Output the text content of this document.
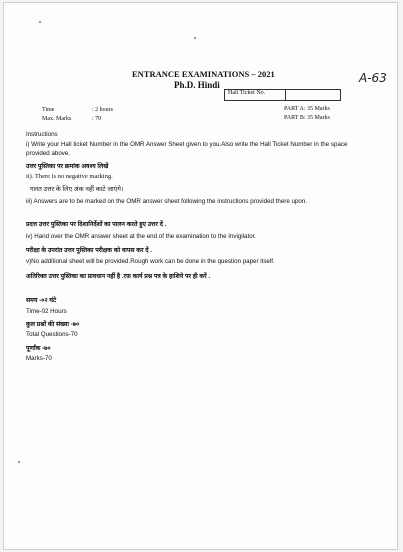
ENTRANCE EXAMINATIONS – 2021
Ph.D. Hindi	A-63
Hall Ticket No.
Time	: 2 hours
Max. Marks	: 70
PART A: 35 Marks
PART B: 35 Marks
Instructions
i) Write your Hall ticket Number in the OMR Answer Sheet given to you.Also write the Hall Ticket Number in the space provided above.
उत्तर पुस्तिका पर क्रमांक अवश्य लिखें
ii). There is no negative marking.
गलत उत्तर के लिए अंक नहीं काटे जाएंगे।
iii) Answers are to be marked on the OMR answer sheet following the instructions provided there upon.
प्रदत्त उत्तर पुस्तिका पर दिशानिर्देशों का पालन करते हुए उत्तर दें .
iv) Hand over the OMR answer sheet at the end of the examination to the Invigilator.
परीक्षा के उपरांत उत्तर पुस्तिका परीक्षक को वापस कर दें .
v)No additional sheet will be provided.Rough work can be done in the question paper itself.
अतिरिक्त उत्तर पुस्तिका का प्रावधान नहीं है .रफ़ कार्य प्रश्न पत्र के हाशिये पर ही करें .
समय -०२ घंटे
Time-02 Hours
कुल प्रश्नों की संख्या -७०
Total Questions-70
पूर्णांक -७०
Marks-70
